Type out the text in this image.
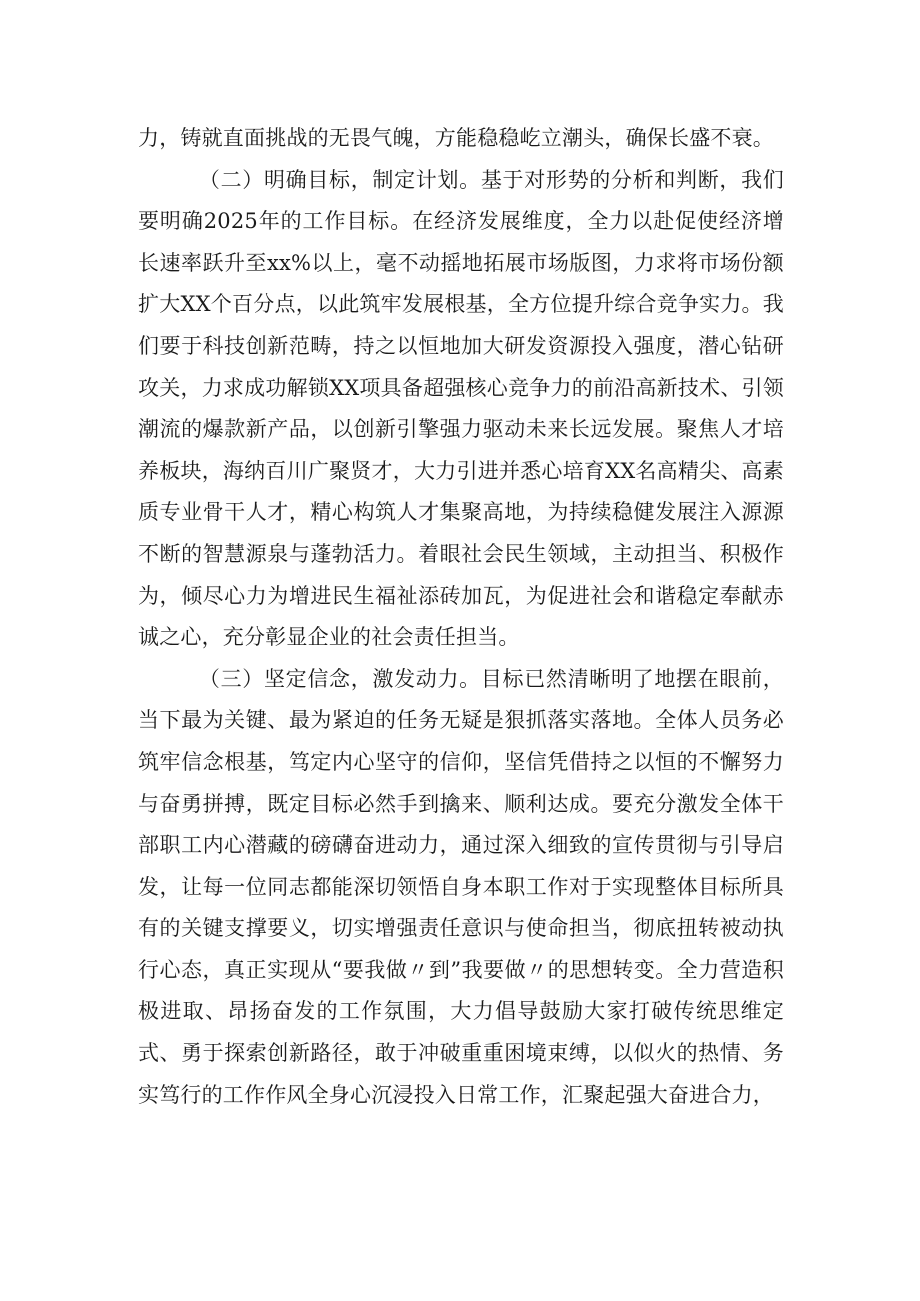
力，铸就直面挑战的无畏气魄，方能稳稳屹立潮头，确保长盛不衰。

（二）明确目标，制定计划。基于对形势的分析和判断，我们要明确2025年的工作目标。在经济发展维度，全力以赴促使经济增长速率跃升至xx%以上，毫不动摇地拓展市场版图，力求将市场份额扩大XX个百分点，以此筑牢发展根基，全方位提升综合竞争实力。我们要于科技创新范畴，持之以恒地加大研发资源投入强度，潜心钻研攻关，力求成功解锁XX项具备超强核心竞争力的前沿高新技术、引领潮流的爆款新产品，以创新引擎强力驱动未来长远发展。聚焦人才培养板块，海纳百川广聚贤才，大力引进并悉心培育XX名高精尖、高素质专业骨干人才，精心构筑人才集聚高地，为持续稳健发展注入源源不断的智慧源泉与蓬勃活力。着眼社会民生领域，主动担当、积极作为，倾尽心力为增进民生福祉添砖加瓦，为促进社会和谐稳定奉献赤诚之心，充分彰显企业的社会责任担当。

（三）坚定信念，激发动力。目标已然清晰明了地摆在眼前，当下最为关键、最为紧迫的任务无疑是狠抓落实落地。全体人员务必筑牢信念根基，笃定内心坚守的信仰，坚信凭借持之以恒的不懈努力与奋勇拼搏，既定目标必然手到擒来、顺利达成。要充分激发全体干部职工内心潜藏的磅礴奋进动力，通过深入细致的宣传贯彻与引导启发，让每一位同志都能深切领悟自身本职工作对于实现整体目标所具有的关键支撑要义，切实增强责任意识与使命担当，彻底扭转被动执行心态，真正实现从“要我做〃到”我要做〃的思想转变。全力营造积极进取、昂扬奋发的工作氛围，大力倡导鼓励大家打破传统思维定式、勇于探索创新路径，敢于冲破重重困境束缚，以似火的热情、务实笃行的工作作风全身心沉浸投入日常工作，汇聚起强大奋进合力，
